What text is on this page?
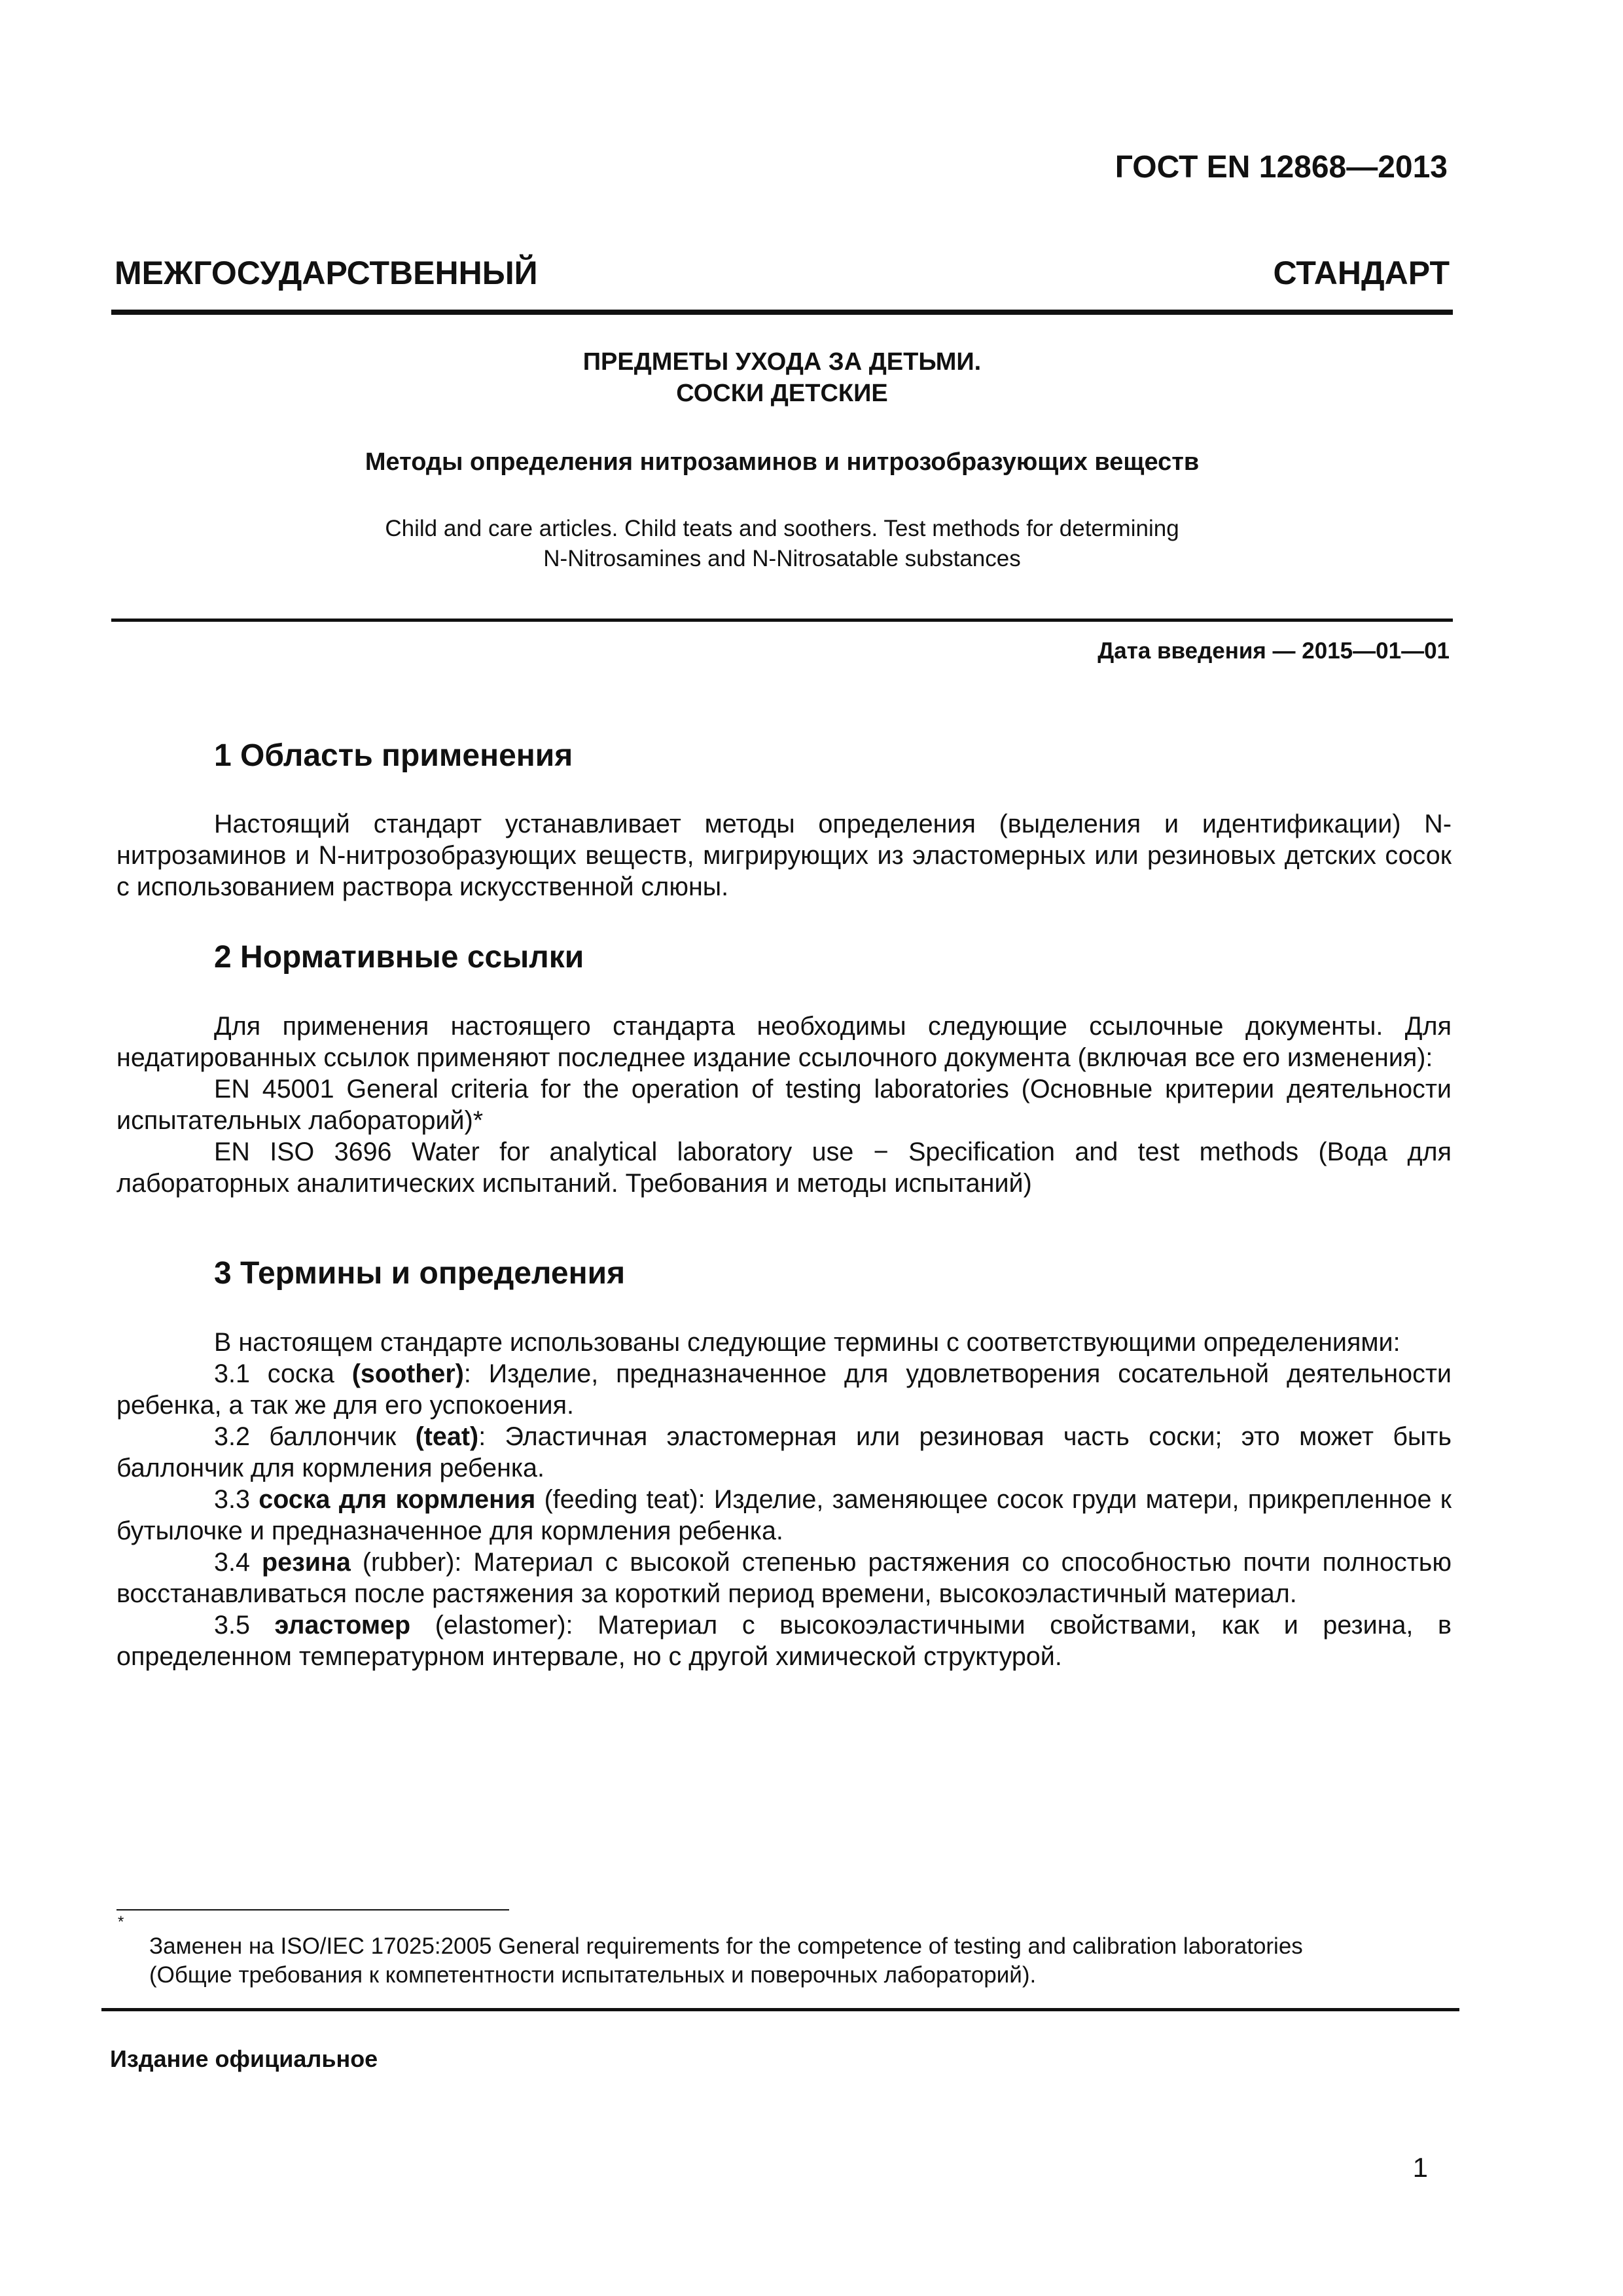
ГОСТ EN 12868—2013
МЕЖГОСУДАРСТВЕННЫЙ СТАНДАРТ
ПРЕДМЕТЫ УХОДА ЗА ДЕТЬМИ.
СОСКИ ДЕТСКИЕ
Методы определения нитрозаминов и нитрозобразующих веществ
Child and care articles. Child teats and soothers. Test methods for determining
N-Nitrosamines and N-Nitrosatable substances
Дата введения — 2015—01—01
1 Область применения

Настоящий стандарт устанавливает методы определения (выделения и идентификации) N-нитрозаминов и N-нитрозобразующих веществ, мигрирующих из эластомерных или резиновых детских сосок с использованием раствора искусственной слюны.

2 Нормативные ссылки

Для применения настоящего стандарта необходимы следующие ссылочные документы. Для недатированных ссылок применяют последнее издание ссылочного документа (включая все его изменения):

EN 45001 General criteria for the operation of testing laboratories (Основные критерии деятельности испытательных лабораторий)*

EN ISO 3696 Water for analytical laboratory use − Specification and test methods (Вода для лабораторных аналитических испытаний. Требования и методы испытаний)

3 Термины и определения

В настоящем стандарте использованы следующие термины с соответствующими определениями:

3.1 соска (soother): Изделие, предназначенное для удовлетворения сосательной деятельности ребенка, а так же для его успокоения.

3.2 баллончик (teat): Эластичная эластомерная или резиновая часть соски; это может быть баллончик для кормления ребенка.

3.3 соска для кормления (feeding teat): Изделие, заменяющее сосок груди матери, прикрепленное к бутылочке и предназначенное для кормления ребенка.

3.4 резина (rubber): Материал с высокой степенью растяжения со способностью почти полностью восстанавливаться после растяжения за короткий период времени, высокоэластичный материал.

3.5 эластомер (elastomer): Материал с высокоэластичными свойствами, как и резина, в определенном температурном интервале, но с другой химической структурой.

*

Заменен на ISO/IEC 17025:2005 General requirements for the competence of testing and calibration laboratories

(Общие требования к компетентности испытательных и поверочных лабораторий).

Издание официальное
1
